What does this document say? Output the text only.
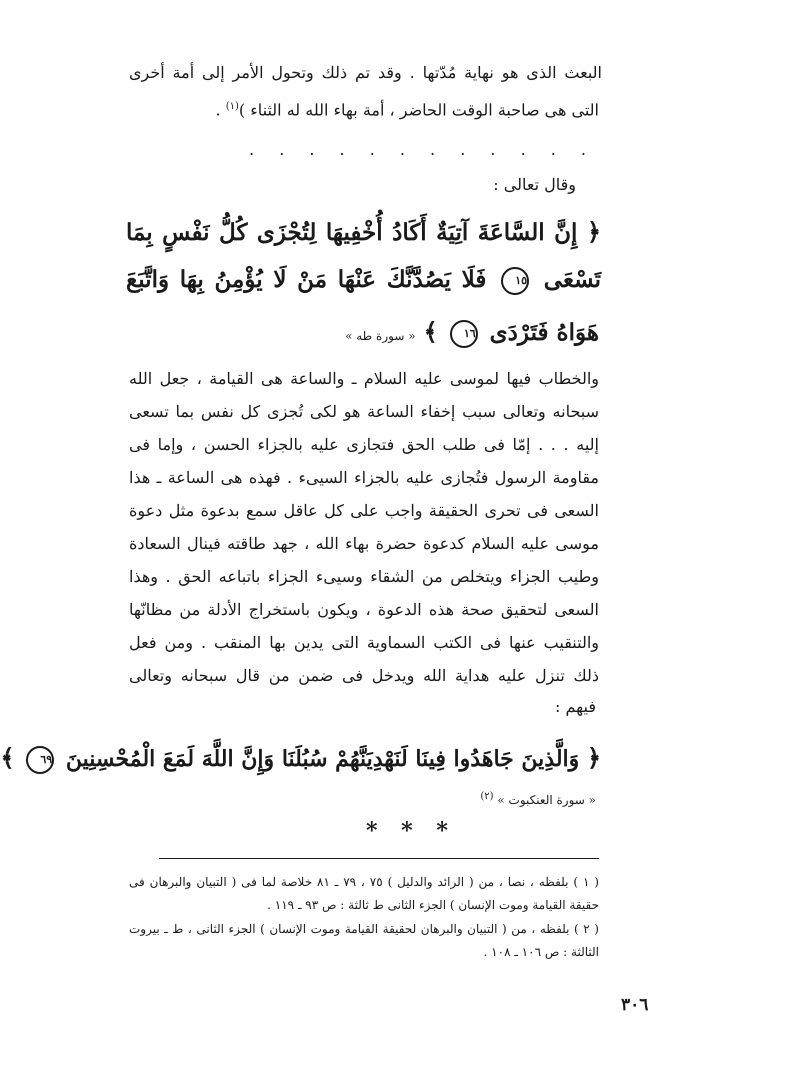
البعث الذى هو نهاية مُدّتها . وقد تم ذلك وتحول الأمر إلى أمة أخرى
التى هى صاحبة الوقت الحاضر ، أمة بهاء الله له الثناء )$^{(١)}$ .
. . . . . . . . . . . .
وقال تعالى :
﴿ إِنَّ السَّاعَةَ آتِيَةٌ أَكَادُ أُخْفِيهَا لِتُجْزَى كُلُّ نَفْسٍ بِمَا
تَسْعَى ١٥ فَلَا يَصُدَّنَّكَ عَنْهَا مَنْ لَا يُؤْمِنُ بِهَا وَاتَّبَعَ
هَوَاهُ فَتَرْدَى ١٦ ﴾ « سورة طه »
والخطاب فيها لموسى عليه السلام ـ والساعة هى القيامة ، جعل الله
سبحانه وتعالى سبب إخفاء الساعة هو لكى تُجزى كل نفس بما تسعى
إليه . . . إمّا فى طلب الحق فتجازى عليه بالجزاء الحسن ، وإما فى
مقاومة الرسول فتُجازى عليه بالجزاء السيىء . فهذه هى الساعة ـ هذا
السعى فى تحرى الحقيقة واجب على كل عاقل سمع بدعوة مثل دعوة
موسى عليه السلام كدعوة حضرة بهاء الله ، جهد طاقته فينال السعادة
وطيب الجزاء ويتخلص من الشقاء وسيىء الجزاء باتباعه الحق . وهذا
السعى لتحقيق صحة هذه الدعوة ، ويكون باستخراج الأدلة من مظانّها
والتنقيب عنها فى الكتب السماوية التى يدين بها المنقب . ومن فعل
ذلك تنزل عليه هداية الله ويدخل فى ضمن من قال سبحانه وتعالى
فيهم :
﴿ وَالَّذِينَ جَاهَدُوا فِينَا لَنَهْدِيَنَّهُمْ سُبُلَنَا وَإِنَّ اللَّهَ لَمَعَ الْمُحْسِنِينَ ٦٩ ﴾
« سورة العنكبوت » $^{(٢)}$
* * *
( ١ ) بلفظه ، نصا ، من ( الرائد والدليل ) ٧٥ ، ٧٩ ـ ٨١ خلاصة لما فى ( التبيان والبرهان فى
حقيقة القيامة وموت الإنسان ) الجزء الثانى ط ثالثة : ص ٩٣ ـ ١١٩ .
( ٢ ) بلفظه ، من ( التبيان والبرهان لحقيقة القيامة وموت الإنسان ) الجزء الثانى ، ط ـ بيروت
الثالثة : ص ١٠٦ ـ ١٠٨ .
٣٠٦
